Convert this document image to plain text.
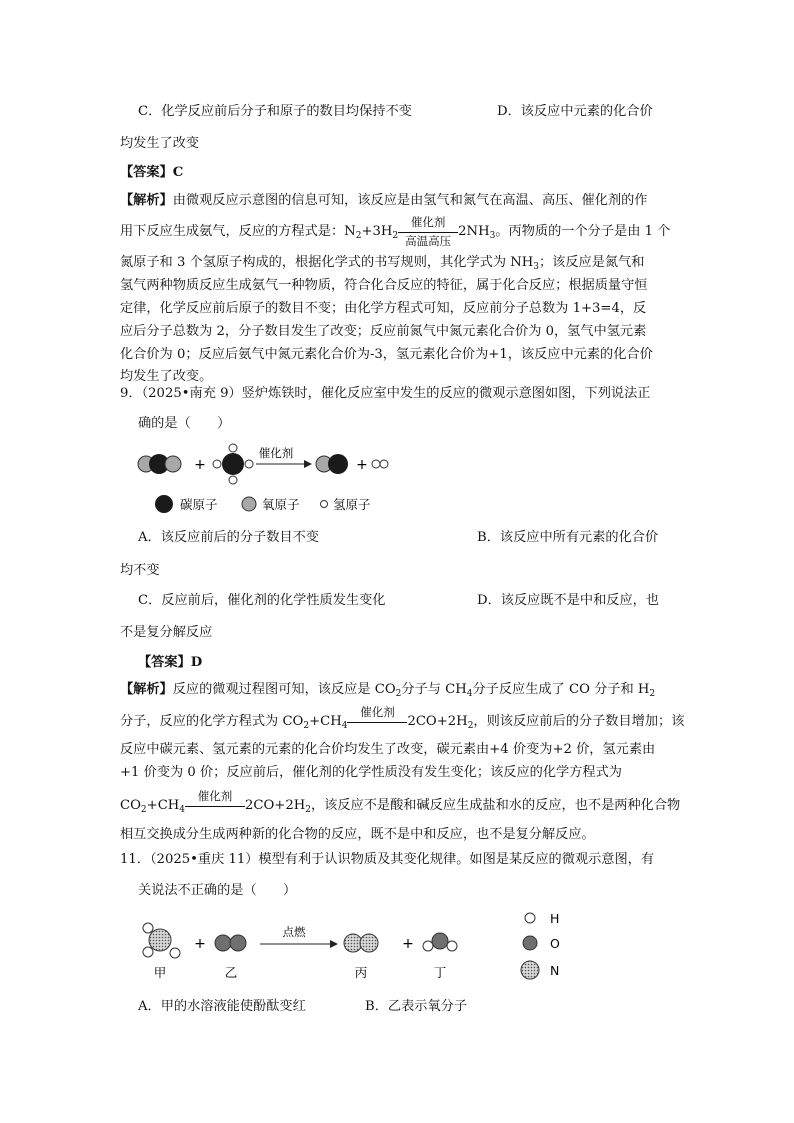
C．化学反应前后分子和原子的数目均保持不变	D．该反应中元素的化合价
均发生了改变
【答案】C
【解析】由微观反应示意图的信息可知，该反应是由氢气和氮气在高温、高压、催化剂的作
用下反应生成氨气，反应的方程式是：$N_2+3H_2 \frac{\text{催化剂}}{\text{高温高压}} 2NH_3$。丙物质的一个分子是由 1 个
氮原子和 3 个氢原子构成的，根据化学式的书写规则，其化学式为 $NH_3$；该反应是氮气和
氢气两种物质反应生成氨气一种物质，符合化合反应的特征，属于化合反应；根据质量守恒
定律，化学反应前后原子的数目不变；由化学方程式可知，反应前分子总数为 1+3=4，反
应后分子总数为 2，分子数目发生了改变；反应前氮气中氮元素化合价为 0，氢气中氢元素
化合价为 0；反应后氨气中氮元素化合价为-3，氢元素化合价为+1，该反应中元素的化合价
均发生了改变。
9．（2025•南充 9）竖炉炼铁时，催化反应室中发生的反应的微观示意图如图，下列说法正
确的是（　　）
+
催化剂
+
碳原子	氧原子	氢原子
A．该反应前后的分子数目不变	B．该反应中所有元素的化合价
均不变
C．反应前后，催化剂的化学性质发生变化	D．该反应既不是中和反应，也
不是复分解反应
【答案】D
【解析】反应的微观过程图可知，该反应是 $CO_2$分子与 $CH_4$分子反应生成了 CO 分子和 $H_2$
分子，反应的化学方程式为 $CO_2+CH_4$
催化剂
$2CO+2H_2$，则该反应前后的分子数目增加；该
反应中碳元素、氢元素的元素的化合价均发生了改变，碳元素由+4 价变为+2 价，氢元素由
+1 价变为 0 价；反应前后，催化剂的化学性质没有发生变化；该反应的化学方程式为
$CO_2+CH_4$
催化剂
$2CO+2H_2$，该反应不是酸和碱反应生成盐和水的反应，也不是两种化合物
相互交换成分生成两种新的化合物的反应，既不是中和反应，也不是复分解反应。
11．（2025•重庆 11）模型有利于认识物质及其变化规律。如图是某反应的微观示意图，有
关说法不正确的是（　　）
甲
+
乙
点燃
丙
+
丁
H
O
N
A．甲的水溶液能使酚酞变红	B．乙表示氧分子
